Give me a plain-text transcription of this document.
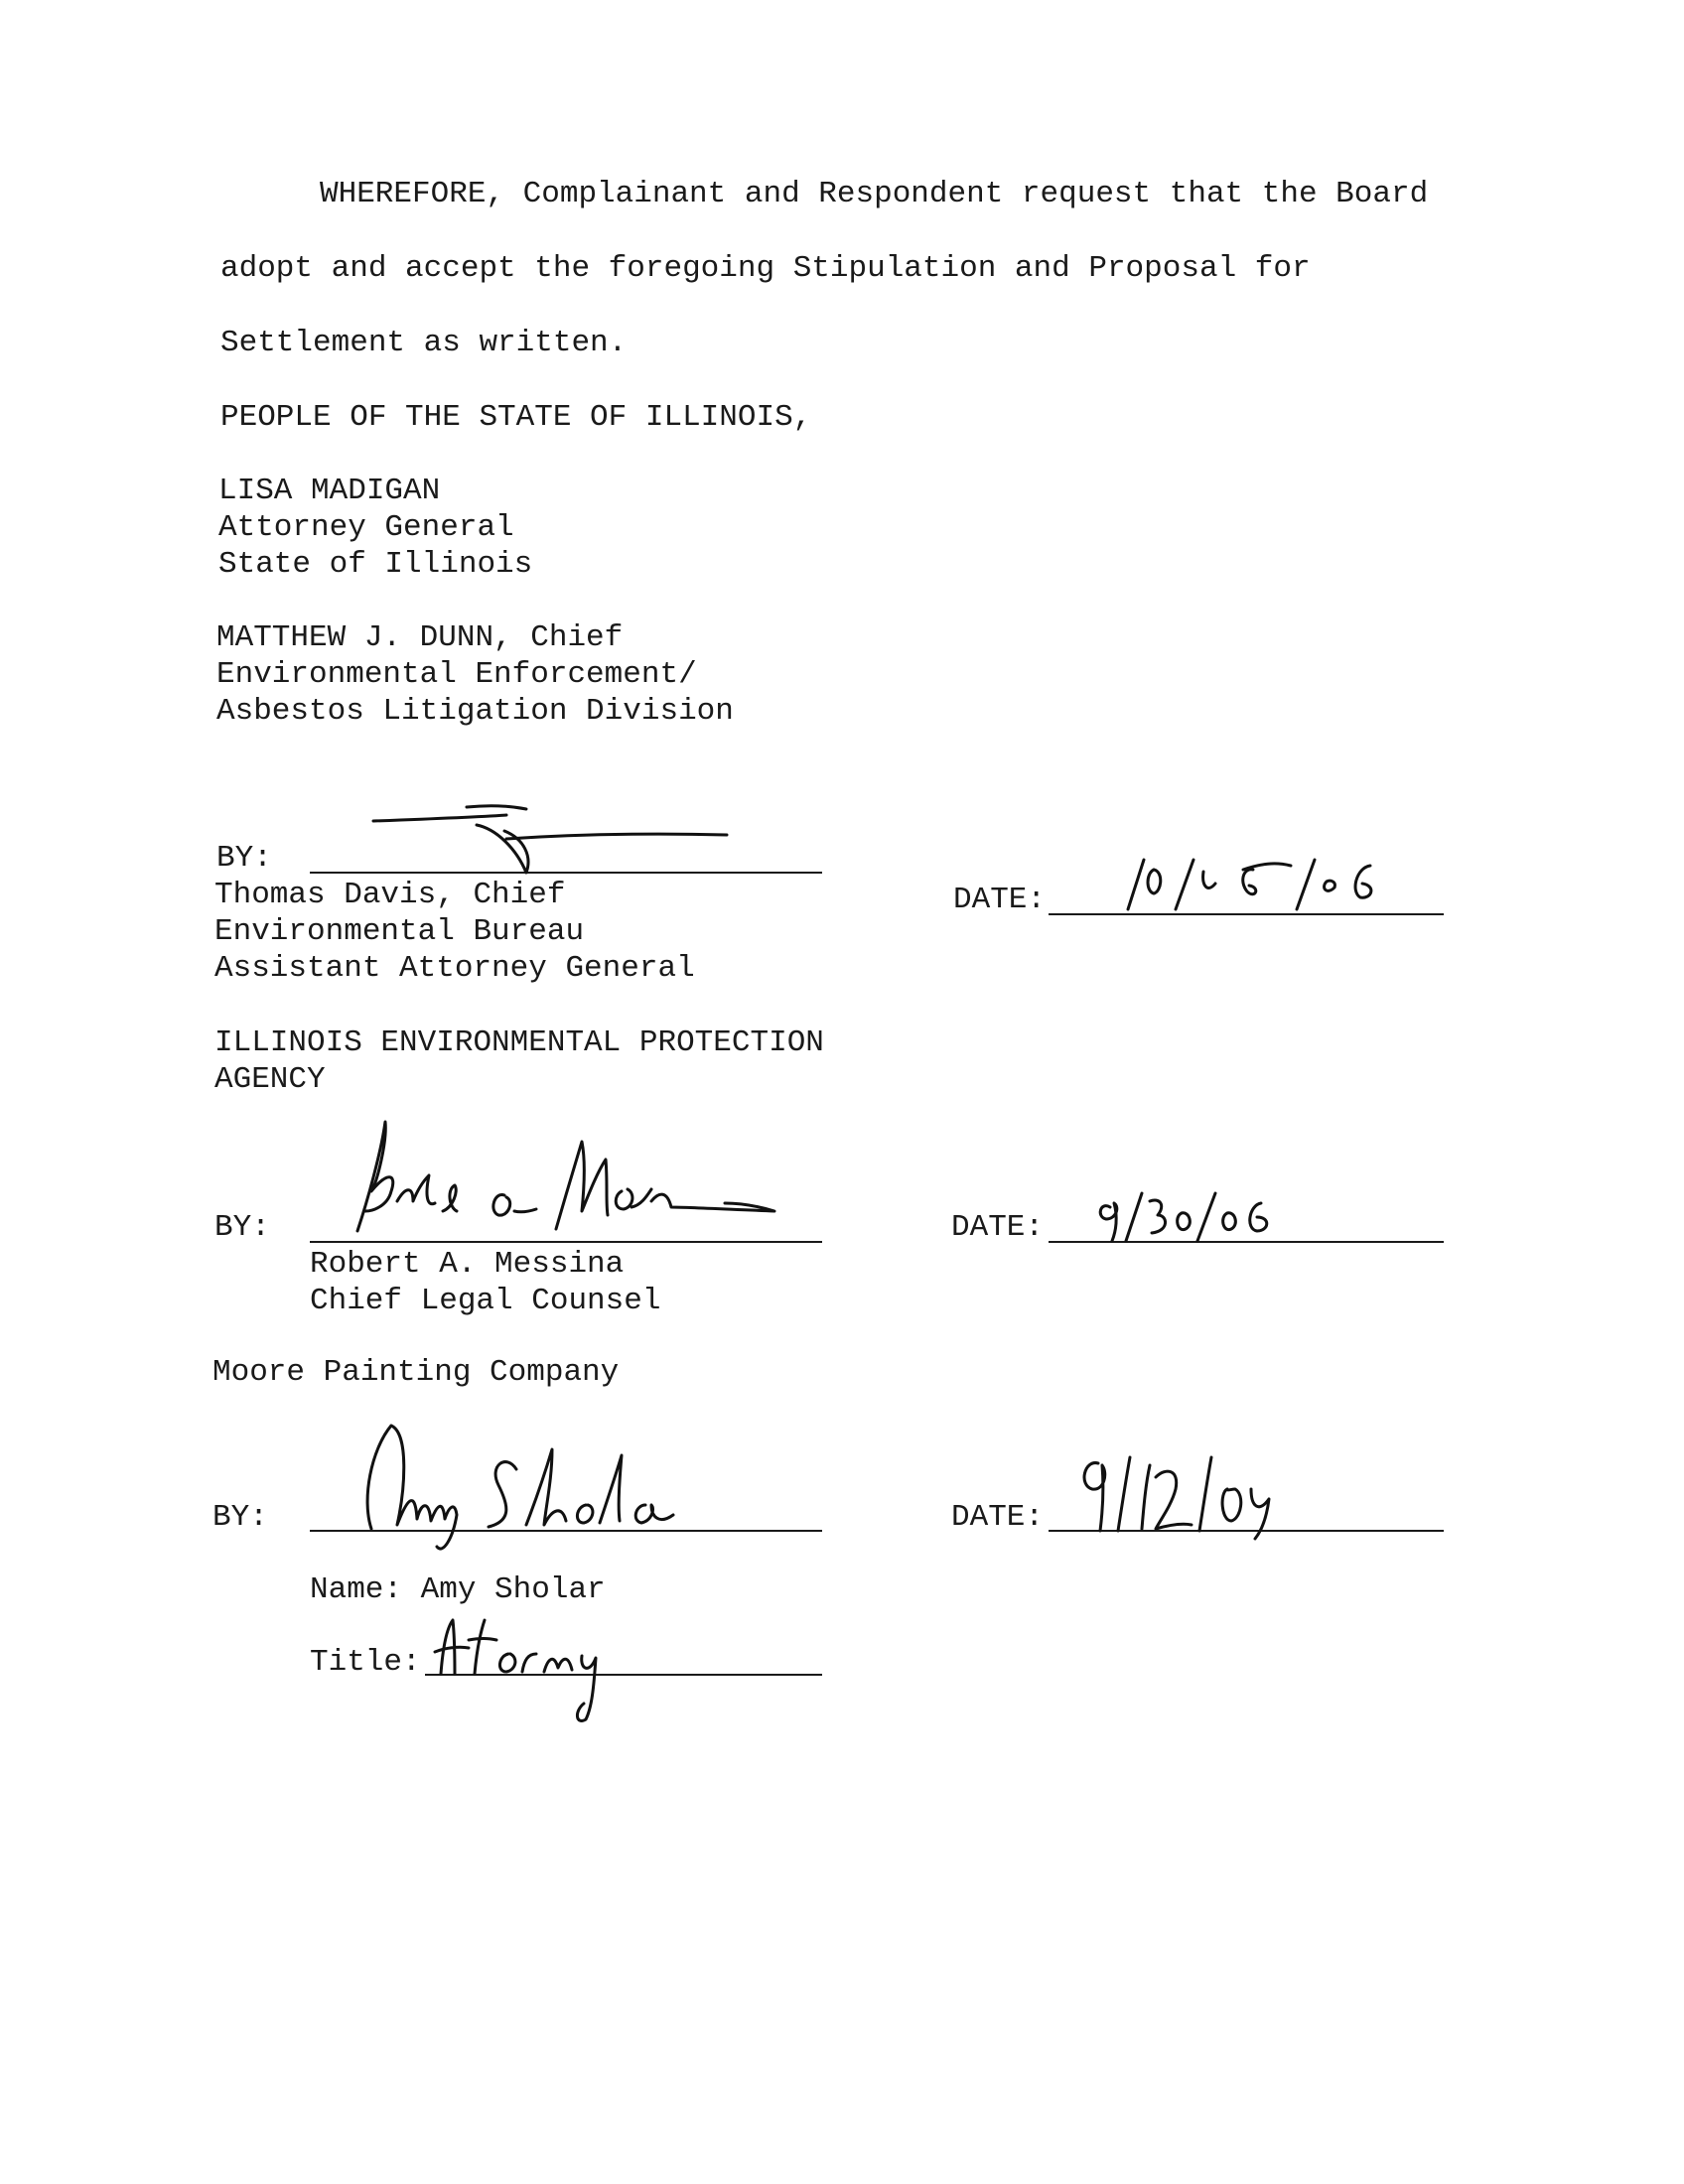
WHEREFORE, Complainant and Respondent request that the Board

adopt and accept the foregoing Stipulation and Proposal for

Settlement as written.

PEOPLE OF THE STATE OF ILLINOIS,

LISA MADIGAN

Attorney General

State of Illinois

MATTHEW J. DUNN, Chief

Environmental Enforcement/

Asbestos Litigation Division

BY:

Thomas Davis, Chief

Environmental Bureau

Assistant Attorney General

DATE:

ILLINOIS ENVIRONMENTAL PROTECTION

AGENCY

BY:

Robert A. Messina

Chief Legal Counsel

DATE:

Moore Painting Company

BY:

Name: Amy Sholar

Title:

DATE:
